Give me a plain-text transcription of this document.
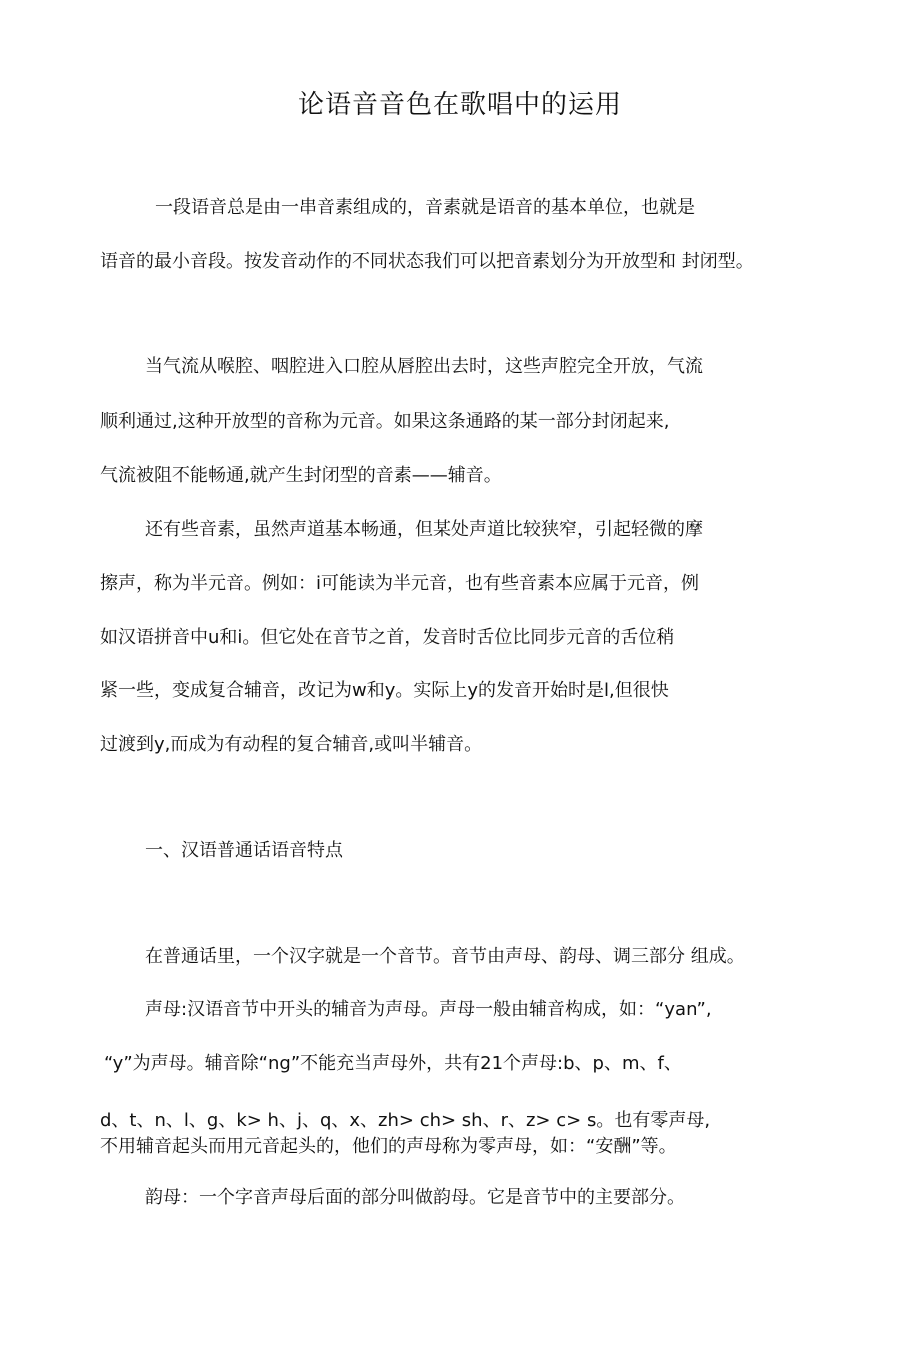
论语音音色在歌唱中的运用
一段语音总是由一串音素组成的，音素就是语音的基本单位，也就是
语音的最小音段。按发音动作的不同状态我们可以把音素划分为开放型和 封闭型。
当气流从喉腔、咽腔进入口腔从唇腔出去时，这些声腔完全开放，气流
顺利通过,这种开放型的音称为元音。如果这条通路的某一部分封闭起来,
气流被阻不能畅通,就产生封闭型的音素——辅音。
还有些音素，虽然声道基本畅通，但某处声道比较狭窄，引起轻微的摩
擦声，称为半元音。例如：i可能读为半元音，也有些音素本应属于元音，例
如汉语拼音中u和i。但它处在音节之首，发音时舌位比同步元音的舌位稍
紧一些，变成复合辅音，改记为w和y。实际上y的发音开始时是l,但很快
过渡到y,而成为有动程的复合辅音,或叫半辅音。
一、汉语普通话语音特点
在普通话里，一个汉字就是一个音节。音节由声母、韵母、调三部分 组成。
声母:汉语音节中开头的辅音为声母。声母一般由辅音构成，如：“yan”,
“y”为声母。辅音除“ng”不能充当声母外，共有21个声母:b、p、m、f、
d、t、n、l、g、k> h、j、q、x、zh> ch> sh、r、z> c> s。也有零声母,
不用辅音起头而用元音起头的，他们的声母称为零声母，如：“安酬”等。
韵母：一个字音声母后面的部分叫做韵母。它是音节中的主要部分。
